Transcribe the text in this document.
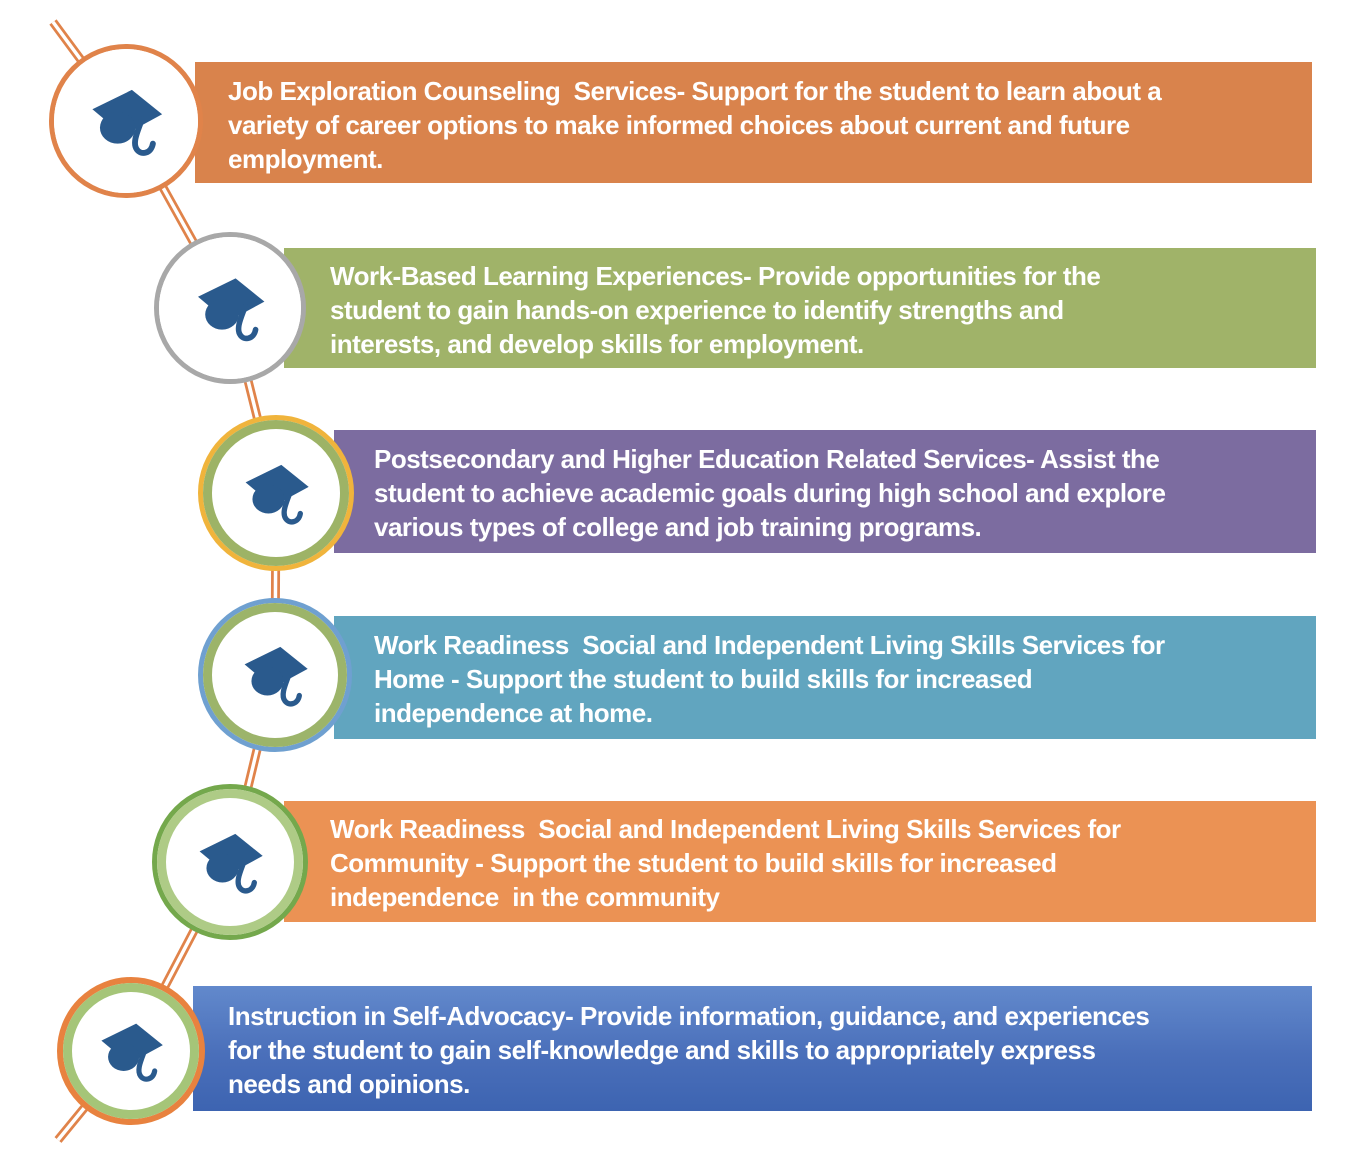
Job Exploration Counseling  Services- Support for the student to learn about a
variety of career options to make informed choices about current and future
employment.
Work-Based Learning Experiences- Provide opportunities for the
student to gain hands-on experience to identify strengths and
interests, and develop skills for employment.
Postsecondary and Higher Education Related Services- Assist the
student to achieve academic goals during high school and explore
various types of college and job training programs.
Work Readiness  Social and Independent Living Skills Services for
Home - Support the student to build skills for increased
independence at home.
Work Readiness  Social and Independent Living Skills Services for
Community - Support the student to build skills for increased
independence  in the community
Instruction in Self-Advocacy- Provide information, guidance, and experiences
for the student to gain self-knowledge and skills to appropriately express
needs and opinions.
